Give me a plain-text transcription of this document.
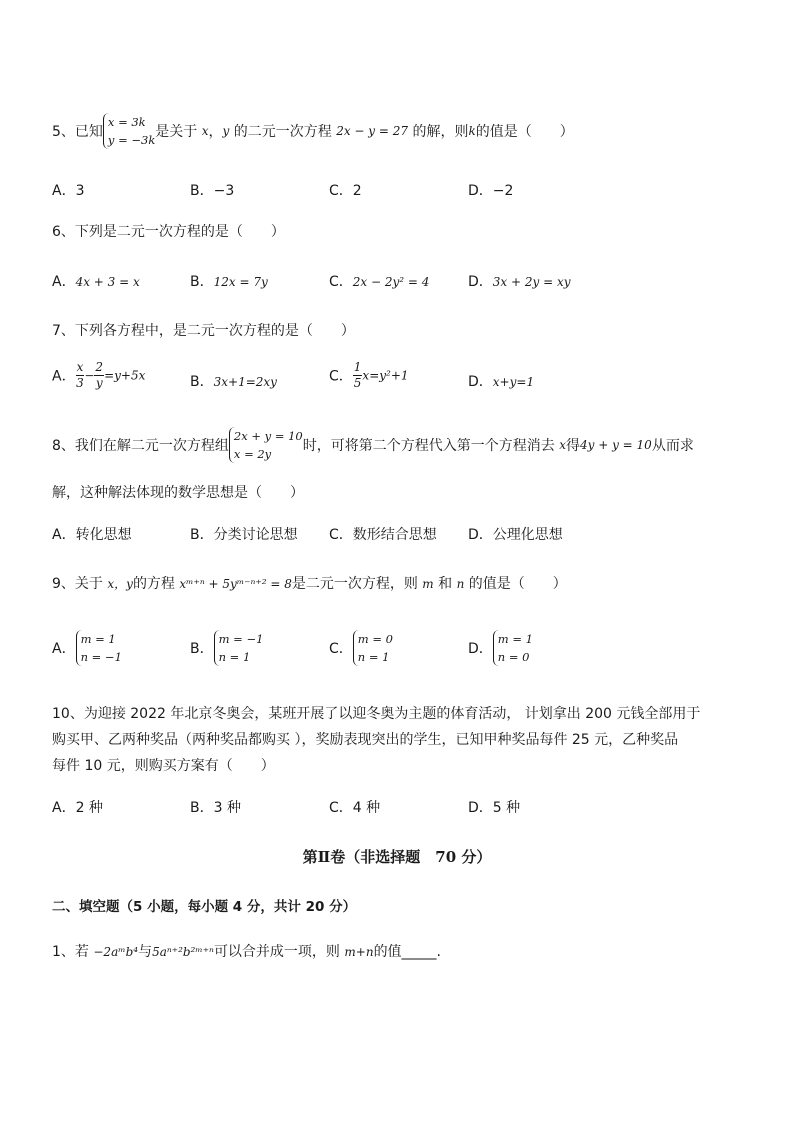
5、已知
x = 3k
y = −3k 是关于 x，y 的二元一次方程 2x − y = 27 的解，则k的值是（　　）
A．3	B．−3	C．2	D．−2
6、下列是二元一次方程的是（　　）
A．4x + 3 = x	B．12x = 7y	C．2x − 2y² = 4	D．3x + 2y = xy
7、下列各方程中，是二元一次方程的是（　　）
A． $\frac{x}{3} - \frac{2}{y} =y+5x$	B．3x+1=2xy	C． $\frac{1}{5} x=y^2+1$	D．x+y=1
8、我们在解二元一次方程组
2x + y = 10
x = 2y	时，可将第二个方程代入第一个方程消去 x得4y + y = 10从而求
解，这种解法体现的数学思想是（　　）
A．转化思想	B．分类讨论思想 C．数形结合思想 D．公理化思想
9、关于 x，y的方程 xᵐ⁺ⁿ + 5yᵐ⁻ⁿ⁺² = 8是二元一次方程，则 m 和 n 的值是（　　）
A．
m = 1
n = −1	B．
m = −1
n = 1	C．
m = 0
n = 1	D．
m = 1
n = 0
10、为迎接 2022 年北京冬奥会，某班开展了以迎冬奥为主题的体育活动， 计划拿出 200 元钱全部用于
购买甲、乙两种奖品（两种奖品都购买 ），奖励表现突出的学生，已知甲种奖品每件 25 元，乙种奖品
每件 10 元，则购买方案有（　　）
A．2 种	B．3 种	C．4 种	D．5 种
第Ⅱ卷（非选择题　70 分）
二、填空题（5 小题，每小题 4 分，共计 20 分）
1、若 −2aᵐb⁴与5aⁿ⁺²b²ᵐ⁺ⁿ可以合并成一项，则 m+n的值_____.
